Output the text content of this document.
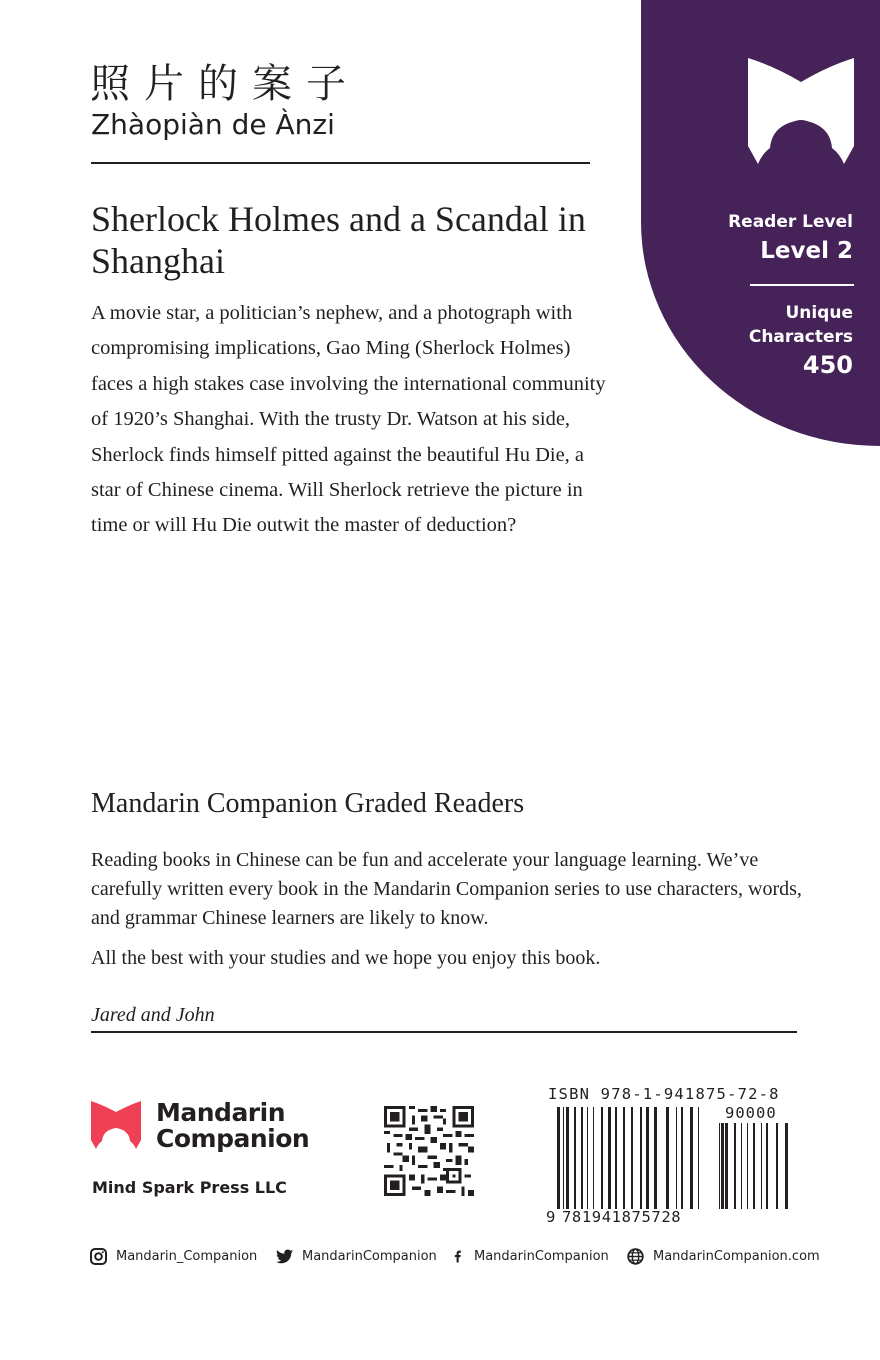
Reader Level
Level 2
Unique Characters
450
照片的案子
Zhàopiàn de Ànzi
Sherlock Holmes and a Scandal in Shanghai
A movie star, a politician’s nephew, and a photograph with compromising implications, Gao Ming (Sherlock Holmes) faces a high stakes case involving the international community of 1920’s Shanghai. With the trusty Dr. Watson at his side, Sherlock finds himself pitted against the beautiful Hu Die, a star of Chinese cinema. Will Sherlock retrieve the picture in time or will Hu Die outwit the master of deduction?
Mandarin Companion Graded Readers

Reading books in Chinese can be fun and accelerate your language learning. We’ve carefully written every book in the Mandarin Companion series to use characters, words, and grammar Chinese learners are likely to know.

All the best with your studies and we hope you enjoy this book.

Jared and John
Mandarin
Companion
Mind Spark Press LLC
ISBN 978-1-941875-72-8
90000
9 781941875728
Mandarin_Companion	MandarinCompanion	MandarinCompanion	MandarinCompanion.com
